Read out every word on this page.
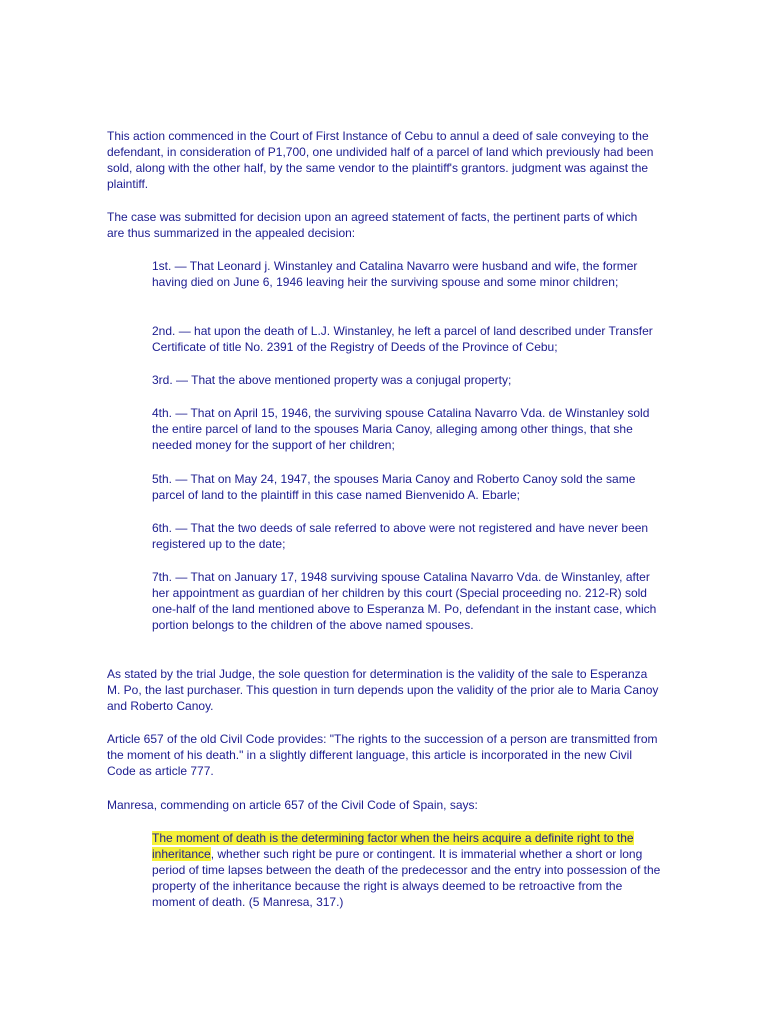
This action commenced in the Court of First Instance of Cebu to annul a deed of sale conveying to the defendant, in consideration of P1,700, one undivided half of a parcel of land which previously had been sold, along with the other half, by the same vendor to the plaintiff's grantors. judgment was against the plaintiff.

The case was submitted for decision upon an agreed statement of facts, the pertinent parts of which are thus summarized in the appealed decision:

1st. — That Leonard j. Winstanley and Catalina Navarro were husband and wife, the former having died on June 6, 1946 leaving heir the surviving spouse and some minor children;

2nd. — hat upon the death of L.J. Winstanley, he left a parcel of land described under Transfer Certificate of title No. 2391 of the Registry of Deeds of the Province of Cebu;

3rd. — That the above mentioned property was a conjugal property;

4th. — That on April 15, 1946, the surviving spouse Catalina Navarro Vda. de Winstanley sold the entire parcel of land to the spouses Maria Canoy, alleging among other things, that she needed money for the support of her children;

5th. — That on May 24, 1947, the spouses Maria Canoy and Roberto Canoy sold the same parcel of land to the plaintiff in this case named Bienvenido A. Ebarle;

6th. — That the two deeds of sale referred to above were not registered and have never been registered up to the date;

7th. — That on January 17, 1948 surviving spouse Catalina Navarro Vda. de Winstanley, after her appointment as guardian of her children by this court (Special proceeding no. 212-R) sold one-half of the land mentioned above to Esperanza M. Po, defendant in the instant case, which portion belongs to the children of the above named spouses.

As stated by the trial Judge, the sole question for determination is the validity of the sale to Esperanza M. Po, the last purchaser. This question in turn depends upon the validity of the prior ale to Maria Canoy and Roberto Canoy.

Article 657 of the old Civil Code provides: "The rights to the succession of a person are transmitted from the moment of his death." in a slightly different language, this article is incorporated in the new Civil Code as article 777.

Manresa, commending on article 657 of the Civil Code of Spain, says:

The moment of death is the determining factor when the heirs acquire a definite right to the inheritance, whether such right be pure or contingent. It is immaterial whether a short or long period of time lapses between the death of the predecessor and the entry into possession of the property of the inheritance because the right is always deemed to be retroactive from the moment of death. (5 Manresa, 317.)
